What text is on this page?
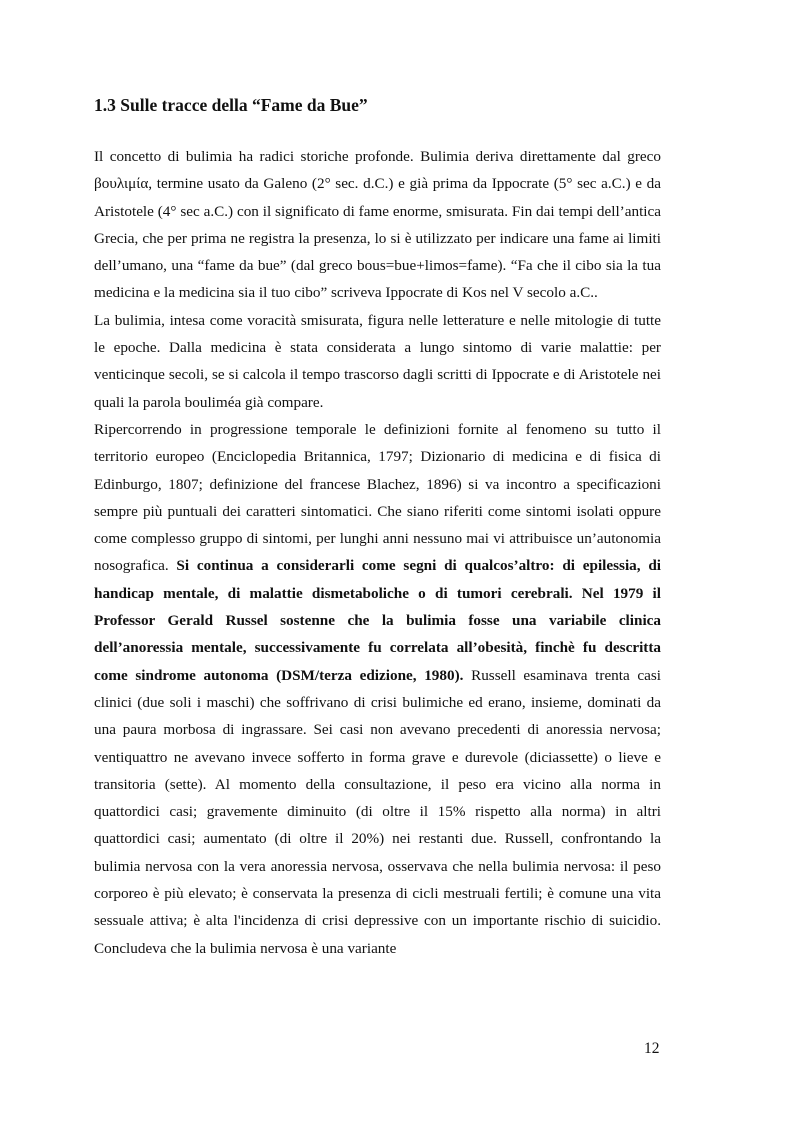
1.3 Sulle tracce della “Fame da Bue”

Il concetto di bulimia ha radici storiche profonde. Bulimia deriva direttamente dal greco βουλιμία, termine usato da Galeno (2° sec. d.C.) e già prima da Ippocrate (5° sec a.C.) e da Aristotele (4° sec a.C.) con il significato di fame enorme, smisurata. Fin dai tempi dell’antica Grecia, che per prima ne registra la presenza, lo si è utilizzato per indicare una fame ai limiti dell’umano, una “fame da bue” (dal greco bous=bue+limos=fame). “Fa che il cibo sia la tua medicina e la medicina sia il tuo cibo” scriveva Ippocrate di Kos nel V secolo a.C..

La bulimia, intesa come voracità smisurata, figura nelle letterature e nelle mitologie di tutte le epoche. Dalla medicina è stata considerata a lungo sintomo di varie malattie: per venticinque secoli, se si calcola il tempo trascorso dagli scritti di Ippocrate e di Aristotele nei quali la parola bouliméa già compare.

Ripercorrendo in progressione temporale le definizioni fornite al fenomeno su tutto il territorio europeo (Enciclopedia Britannica, 1797; Dizionario di medicina e di fisica di Edinburgo, 1807; definizione del francese Blachez, 1896) si va incontro a specificazioni sempre più puntuali dei caratteri sintomatici. Che siano riferiti come sintomi isolati oppure come complesso gruppo di sintomi, per lunghi anni nessuno mai vi attribuisce un’autonomia nosografica. Si continua a considerarli come segni di qualcos’altro: di epilessia, di handicap mentale, di malattie dismetaboliche o di tumori cerebrali. Nel 1979 il Professor Gerald Russel sostenne che la bulimia fosse una variabile clinica dell’anoressia mentale, successivamente fu correlata all’obesità, finchè fu descritta come sindrome autonoma (DSM/terza edizione, 1980). Russell esaminava trenta casi clinici (due soli i maschi) che soffrivano di crisi bulimiche ed erano, insieme, dominati da una paura morbosa di ingrassare. Sei casi non avevano precedenti di anoressia nervosa; ventiquattro ne avevano invece sofferto in forma grave e durevole (diciassette) o lieve e transitoria (sette). Al momento della consultazione, il peso era vicino alla norma in quattordici casi; gravemente diminuito (di oltre il 15% rispetto alla norma) in altri quattordici casi; aumentato (di oltre il 20%) nei restanti due. Russell, confrontando la bulimia nervosa con la vera anoressia nervosa, osservava che nella bulimia nervosa: il peso corporeo è più elevato; è conservata la presenza di cicli mestruali fertili; è comune una vita sessuale attiva; è alta l'incidenza di crisi depressive con un importante rischio di suicidio. Concludeva che la bulimia nervosa è una variante

12
